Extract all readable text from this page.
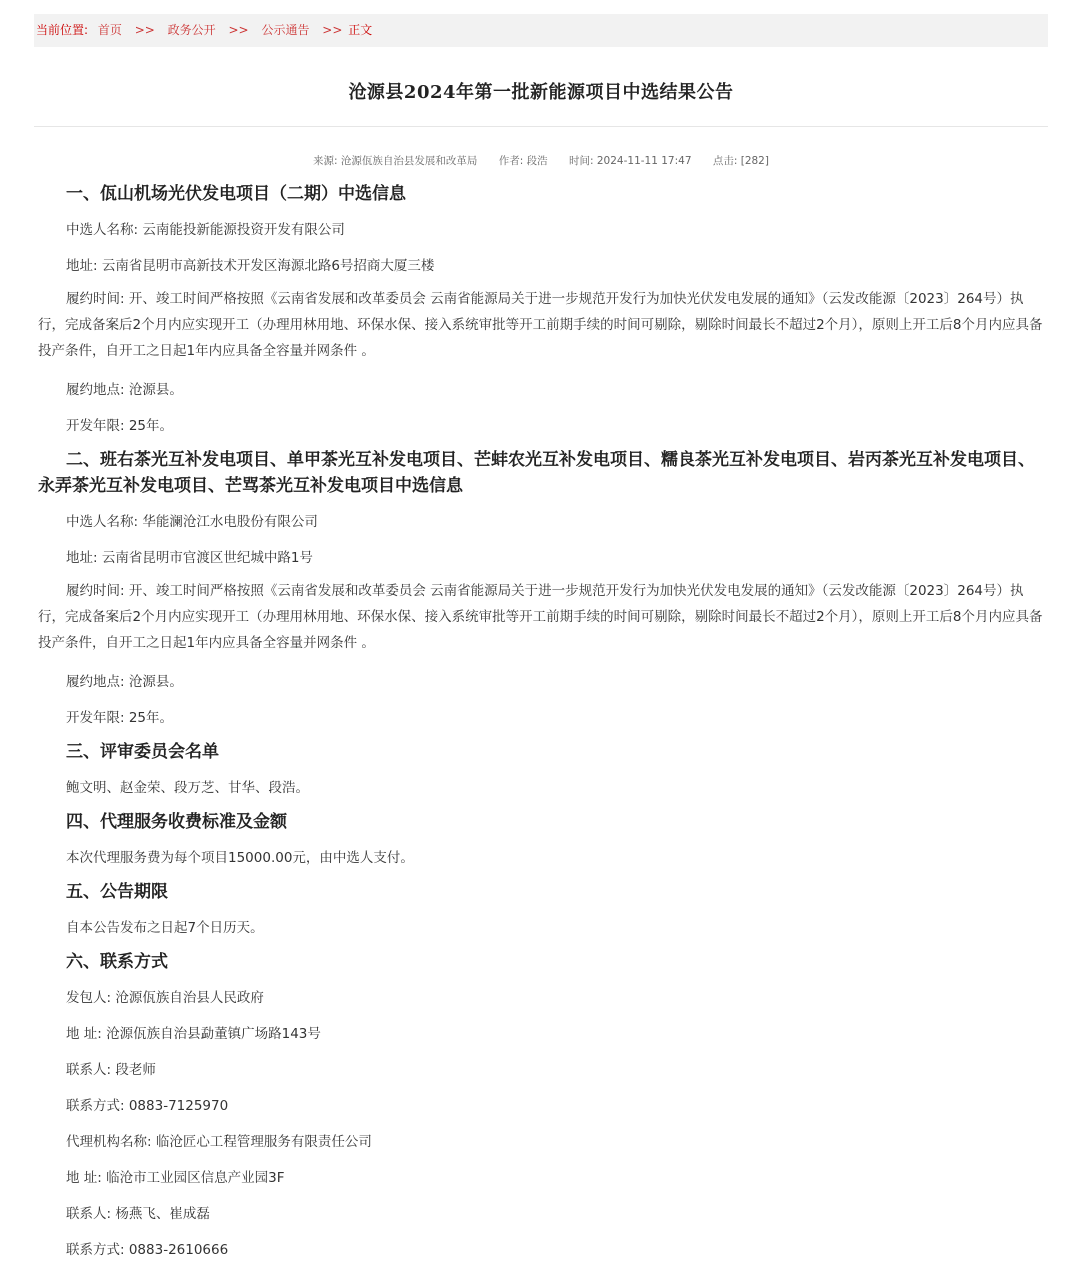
当前位置: 首页 >> 政务公开 >> 公示通告 >> 正文
沧源县2024年第一批新能源项目中选结果公告
来源: 沧源佤族自治县发展和改革局 作者: 段浩 时间: 2024-11-11 17:47 点击: [282]

一、佤山机场光伏发电项目（二期）中选信息

中选人名称: 云南能投新能源投资开发有限公司

地址: 云南省昆明市高新技术开发区海源北路6号招商大厦三楼

履约时间: 开、竣工时间严格按照《云南省发展和改革委员会 云南省能源局关于进一步规范开发行为加快光伏发电发展的通知》（云发改能源〔2023〕264号）执行，完成备案后2个月内应实现开工（办理用林用地、环保水保、接入系统审批等开工前期手续的时间可剔除，剔除时间最长不超过2个月），原则上开工后8个月内应具备投产条件，自开工之日起1年内应具备全容量并网条件 。

履约地点: 沧源县。

开发年限: 25年。

二、班右茶光互补发电项目、单甲茶光互补发电项目、芒蚌农光互补发电项目、糯良茶光互补发电项目、岩丙茶光互补发电项目、永弄茶光互补发电项目、芒骂茶光互补发电项目中选信息

中选人名称: 华能澜沧江水电股份有限公司

地址: 云南省昆明市官渡区世纪城中路1号

履约时间: 开、竣工时间严格按照《云南省发展和改革委员会 云南省能源局关于进一步规范开发行为加快光伏发电发展的通知》（云发改能源〔2023〕264号）执行，完成备案后2个月内应实现开工（办理用林用地、环保水保、接入系统审批等开工前期手续的时间可剔除，剔除时间最长不超过2个月），原则上开工后8个月内应具备投产条件，自开工之日起1年内应具备全容量并网条件 。

履约地点: 沧源县。

开发年限: 25年。

三、评审委员会名单

鲍文明、赵金荣、段万芝、甘华、段浩。

四、代理服务收费标准及金额

本次代理服务费为每个项目15000.00元，由中选人支付。

五、公告期限

自本公告发布之日起7个日历天。

六、联系方式

发包人: 沧源佤族自治县人民政府

地 址: 沧源佤族自治县勐董镇广场路143号

联系人: 段老师

联系方式: 0883-7125970

代理机构名称: 临沧匠心工程管理服务有限责任公司

地 址: 临沧市工业园区信息产业园3F

联系人: 杨燕飞、崔成磊

联系方式: 0883-2610666
